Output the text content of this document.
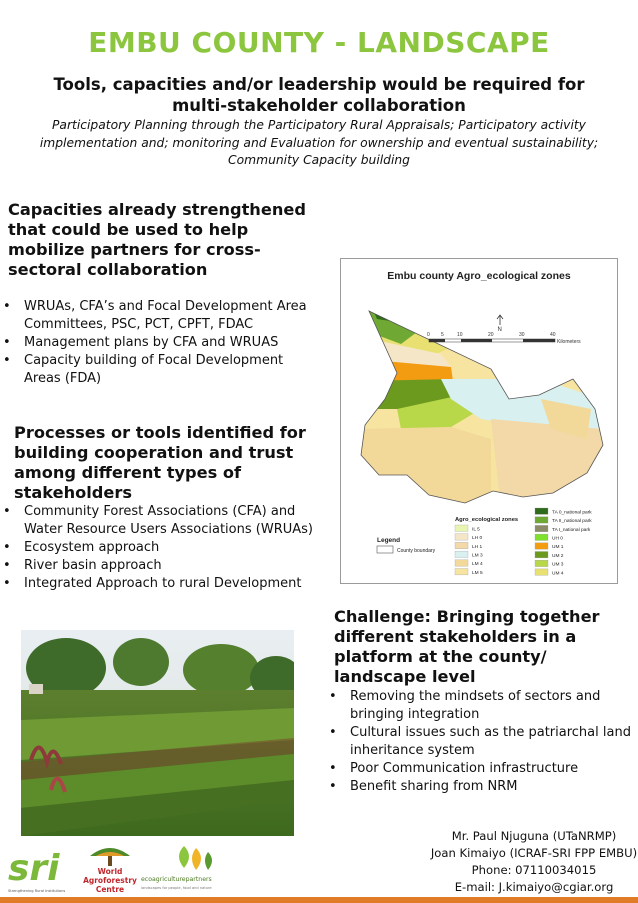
EMBU COUNTY - LANDSCAPE
Tools, capacities and/or leadership would be required for multi-stakeholder collaboration
Participatory Planning through the Participatory Rural Appraisals; Participatory activity implementation and; monitoring and Evaluation for ownership and eventual sustainability; Community Capacity building
Capacities already strengthened that could be used to help mobilize partners for cross-sectoral collaboration
• WRUAs, CFA’s and Focal Development Area Committees, PSC, PCT, CPFT, FDAC
• Management plans by CFA and WRUAS
• Capacity building of Focal Development Areas (FDA)
Processes or tools identified for building cooperation and trust among different types of stakeholders
• Community Forest Associations (CFA) and Water Resource Users Associations (WRUAs)
• Ecosystem approach
• River basin approach
• Integrated Approach to rural Development
Challenge: Bringing together different stakeholders in a platform at the county/ landscape level
• Removing the mindsets of sectors and bringing integration
• Cultural issues such as the patriarchal land inheritance system
• Poor Communication infrastructure
• Benefit sharing from NRM
Embu county Agro_ecological zones
0 5	10	20	30	40
Kilometers
N
Legend
County boundary
Agro_ecological zones
IL 5
LH 0
LH 1
LM 3
LM 4
LM 5
TA 0_national park
TA II_national park
TA I_national park
UH 0
UM 1
UM 2
UM 3
UM 4
sri
Strengthening Rural Institutions
World
Agroforestry
Centre
ecoagriculturepartners
landscapes for people, food and nature
Mr. Paul Njuguna (UTaNRMP)
Joan Kimaiyo (ICRAF-SRI FPP EMBU)
Phone: 07110034015
E-mail: J.kimaiyo@cgiar.org
